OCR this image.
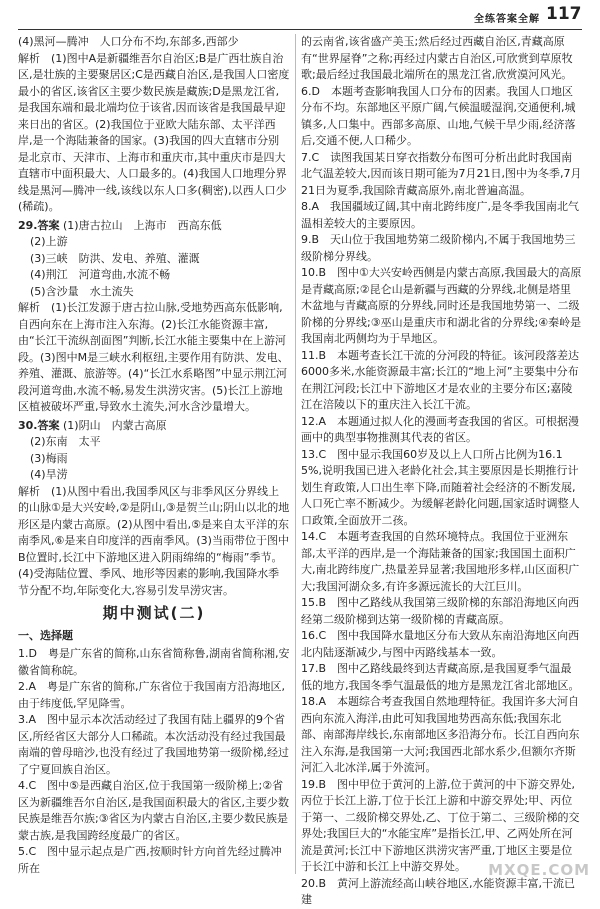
全练答案全解 117

(4)黑河—腾冲　人口分布不均,东部多,西部少

解析　(1)图中A是新疆维吾尔自治区;B是广西壮族自治区,是壮族的主要聚居区;C是西藏自治区,是我国人口密度最小的省区,该省区主要少数民族是藏族;D是黑龙江省,是我国东端和最北端均位于该省,因而该省是我国最早迎来日出的省区。(2)我国位于亚欧大陆东部、太平洋西岸,是一个海陆兼备的国家。(3)我国的四大直辖市分别是北京市、天津市、上海市和重庆市,其中重庆市是四大直辖市中面积最大、人口最多的。(4)我国人口地理分界线是黑河—腾冲一线,该线以东人口多(稠密),以西人口少(稀疏)。

29.答案 (1)唐古拉山　上海市　西高东低

(2)上游

(3)三峡　防洪、发电、养殖、灌溉

(4)荆江　河道弯曲,水流不畅

(5)含沙量　水土流失

解析　(1)长江发源于唐古拉山脉,受地势西高东低影响,自西向东在上海市注入东海。(2)长江水能资源丰富,由“长江干流纵剖面图”判断,长江水能主要集中在上游河段。(3)图中M是三峡水利枢纽,主要作用有防洪、发电、养殖、灌溉、旅游等。(4)“长江水系略图”中显示荆江河段河道弯曲,水流不畅,易发生洪涝灾害。(5)长江上游地区植被破坏严重,导致水土流失,河水含沙量增大。

30.答案 (1)阴山　内蒙古高原

(2)东南　太平

(3)梅雨

(4)旱涝

解析　(1)从图中看出,我国季风区与非季风区分界线上的山脉①是大兴安岭,②是阴山,③是贺兰山;阴山以北的地形区是内蒙古高原。(2)从图中看出,⑤是来自太平洋的东南季风,⑥是来自印度洋的西南季风。(3)当雨带位于图中B位置时,长江中下游地区进入阴雨绵绵的“梅雨”季节。(4)受海陆位置、季风、地形等因素的影响,我国降水季节分配不均,年际变化大,容易引发旱涝灾害。

期中测试(二)

一、选择题

1.D　粤是广东省的简称,山东省简称鲁,湖南省简称湘,安徽省简称皖。

2.A　粤是广东省的简称,广东省位于我国南方沿海地区,由于纬度低,罕见降雪。

3.A　图中显示本次活动经过了我国有陆上疆界的9个省区,所经省区大部分人口稀疏。本次活动没有经过我国最南端的曾母暗沙,也没有经过了我国地势第一级阶梯,经过了宁夏回族自治区。

4.C　图中⑤是西藏自治区,位于我国第一级阶梯上;②省区为新疆维吾尔自治区,是我国面积最大的省区,主要少数民族是维吾尔族;③省区为内蒙古自治区,主要少数民族是蒙古族,是我国跨经度最广的省区。

5.C　图中显示起点是广西,按顺时针方向首先经过腾冲所在

的云南省,该省盛产美玉;然后经过西藏自治区,青藏高原有“世界屋脊”之称;再经过内蒙古自治区,可欣赏到草原牧歌;最后经过我国最北端所在的黑龙江省,欣赏漠河风光。

6.D　本题考查影响我国人口分布的因素。我国人口地区分布不均。东部地区平原广阔,气候温暖湿润,交通便利,城镇多,人口集中。西部多高原、山地,气候干旱少雨,经济落后,交通不便,人口稀少。

7.C　读图我国某日穿衣指数分布图可分析出此时我国南北气温差较大,因而该日期可能为7月21日,图中为冬季,7月21日为夏季,我国除青藏高原外,南北普遍高温。

8.A　我国疆域辽阔,其中南北跨纬度广,是冬季我国南北气温相差较大的主要原因。

9.B　天山位于我国地势第二级阶梯内,不属于我国地势三级阶梯分界线。

10.B　图中①大兴安岭西侧是内蒙古高原,我国最大的高原是青藏高原;②昆仑山是新疆与西藏的分界线,北侧是塔里木盆地与青藏高原的分界线,同时还是我国地势第一、二级阶梯的分界线;③巫山是重庆市和湖北省的分界线;④秦岭是我国南北两侧均为于旱地区。

11.B　本题考查长江干流的分河段的特征。该河段落差达6000多米,水能资源最丰富;长江的“地上河”主要集中分布在荆江河段;长江中下游地区才是农业的主要分布区;嘉陵江在涪陵以下的重庆注入长江干流。

12.A　本题通过拟人化的漫画考查我国的省区。可根据漫画中的典型事物推测其代表的省区。

13.C　图中显示我国60岁及以上人口所占比例为16.15%,说明我国已进入老龄化社会,其主要原因是长期推行计划生育政策,人口出生率下降,而随着社会经济的不断发展,人口死亡率不断减少。为缓解老龄化问题,国家适时调整人口政策,全面放开二孩。

14.C　本题考查我国的自然环境特点。我国位于亚洲东部,太平洋的西岸,是一个海陆兼备的国家;我国国土面积广大,南北跨纬度广,热量差异显著;我国地形多样,山区面积广大;我国河湖众多,有许多源远流长的大江巨川。

15.B　图中乙路线从我国第三级阶梯的东部沿海地区向西经第二级阶梯到达第一级阶梯的青藏高原。

16.C　图中我国降水量地区分布大致从东南沿海地区向西北内陆逐渐减少,与图中丙路线基本一致。

17.B　图中乙路线最终到达青藏高原,是我国夏季气温最低的地方,我国冬季气温最低的地方是黑龙江省北部地区。

18.A　本题综合考查我国自然地理特征。我国许多大河自西向东流入海洋,由此可知我国地势西高东低;我国东北部、南部海岸线长,东南部地区多沿海分布。长江自西向东注入东海,是我国第一大河;我国西北部水系少,但额尔齐斯河汇入北冰洋,属于外流河。

19.B　图中甲位于黄河的上游,位于黄河的中下游交界处,丙位于长江上游,丁位于长江上游和中游交界处;甲、丙位于第一、二级阶梯交界处,乙、丁位于第二、三级阶梯的交界处;我国巨大的“水能宝库”是指长江,甲、乙两处所在河流是黄河;长江中下游地区洪涝灾害严重,丁地区主要是位于长江中游和长江上中游交界处。

20.B　黄河上游流经高山峡谷地区,水能资源丰富,干流已建

MXQE.COM
